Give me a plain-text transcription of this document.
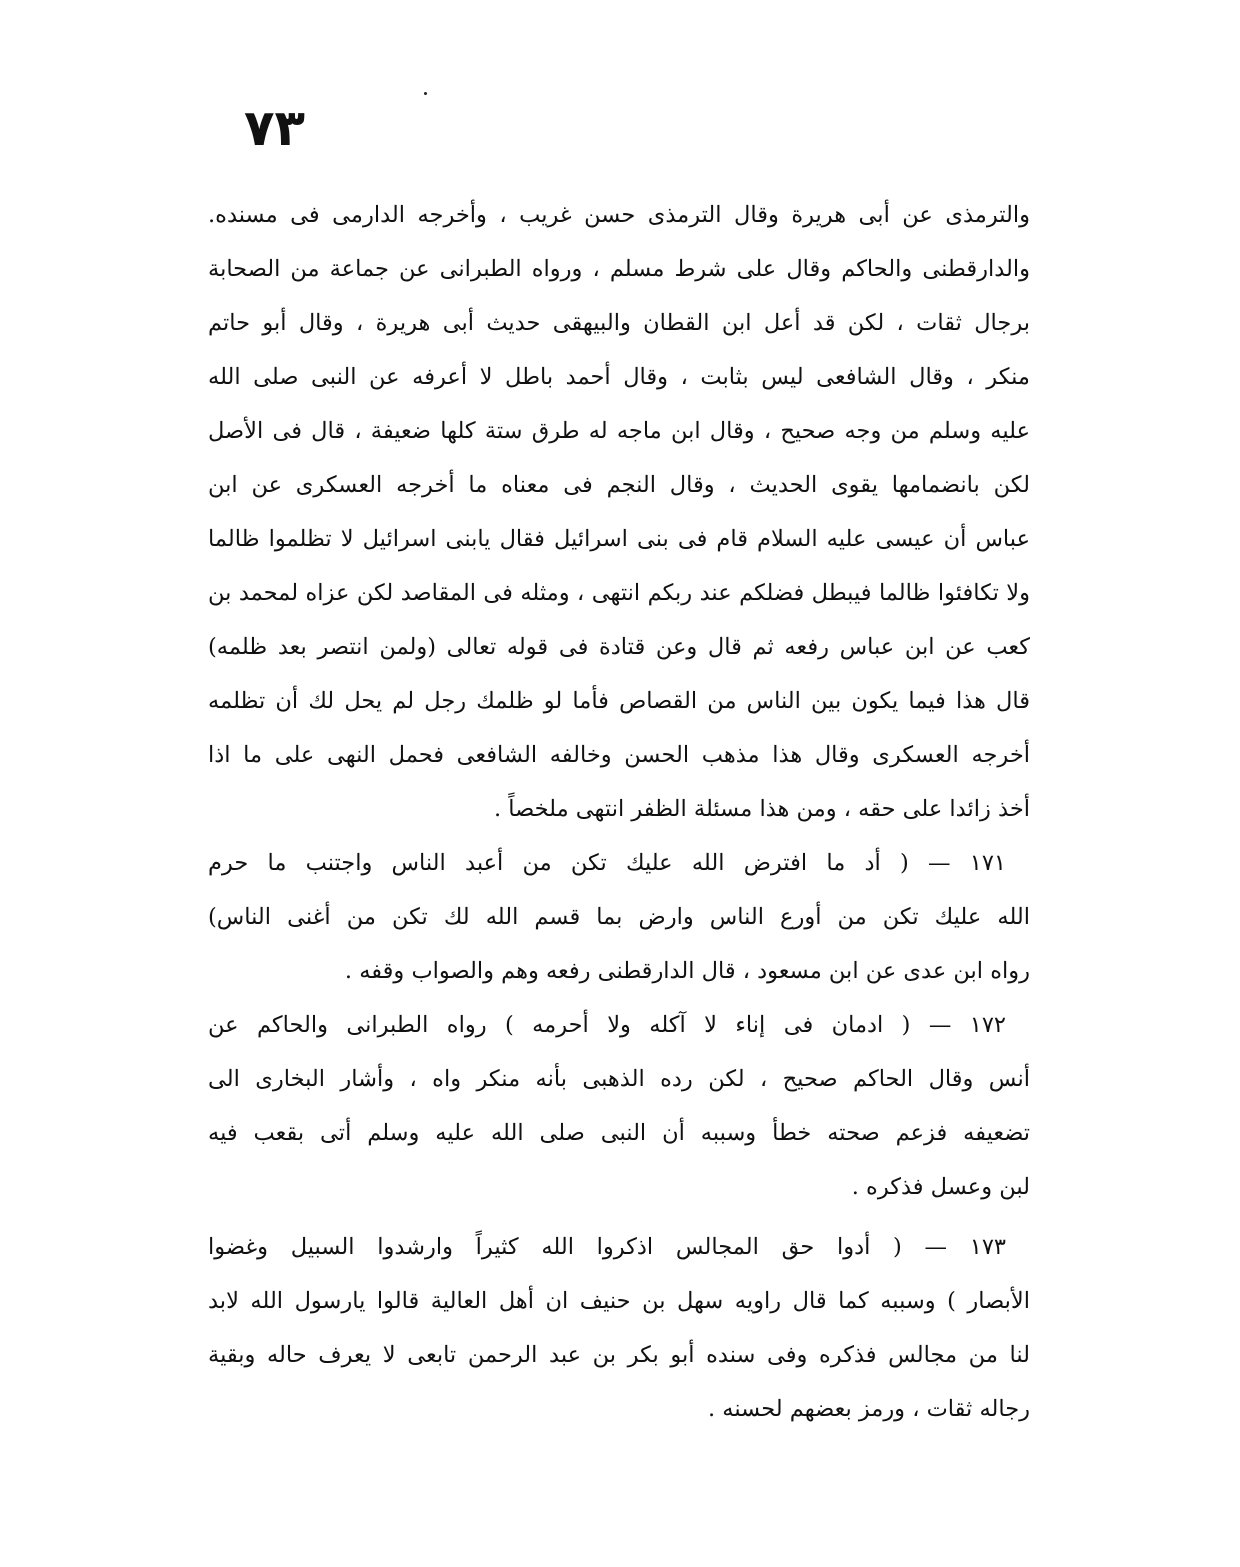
٧٣
والترمذى عن أبى هريرة وقال الترمذى حسن غريب ، وأخرجه الدارمى فى مسنده.
والدارقطنى والحاكم وقال على شرط مسلم ، ورواه الطبرانى عن جماعة من الصحابة
برجال ثقات ، لكن قد أعل ابن القطان والبيهقى حديث أبى هريرة ، وقال أبو حاتم
منكر ، وقال الشافعى ليس بثابت ، وقال أحمد باطل لا أعرفه عن النبى صلى الله
عليه وسلم من وجه صحيح ، وقال ابن ماجه له طرق ستة كلها ضعيفة ، قال فى الأصل
لكن بانضمامها يقوى الحديث ، وقال النجم فى معناه ما أخرجه العسكرى عن ابن
عباس أن عيسى عليه السلام قام فى بنى اسرائيل فقال يابنى اسرائيل لا تظلموا ظالما
ولا تكافئوا ظالما فيبطل فضلكم عند ربكم انتهى ، ومثله فى المقاصد لكن عزاه لمحمد بن
كعب عن ابن عباس رفعه ثم قال وعن قتادة فى قوله تعالى (ولمن انتصر بعد ظلمه)
قال هذا فيما يكون بين الناس من القصاص فأما لو ظلمك رجل لم يحل لك أن تظلمه
أخرجه العسكرى وقال هذا مذهب الحسن وخالفه الشافعى فحمل النهى على ما اذا
أخذ زائدا على حقه ، ومن هذا مسئلة الظفر انتهى ملخصاً .
١٧١ — ( أد ما افترض الله عليك تكن من أعبد الناس واجتنب ما حرم
الله عليك تكن من أورع الناس وارض بما قسم الله لك تكن من أغنى الناس)
رواه ابن عدى عن ابن مسعود ، قال الدارقطنى رفعه وهم والصواب وقفه .
١٧٢ — ( ادمان فى إناء لا آكله ولا أحرمه ) رواه الطبرانى والحاكم عن
أنس وقال الحاكم صحيح ، لكن رده الذهبى بأنه منكر واه ، وأشار البخارى الى
تضعيفه فزعم صحته خطأ وسببه أن النبى صلى الله عليه وسلم أتى بقعب فيه
لبن وعسل فذكره .
١٧٣ — ( أدوا حق المجالس اذكروا الله كثيراً وارشدوا السبيل وغضوا
الأبصار ) وسببه كما قال راويه سهل بن حنيف ان أهل العالية قالوا يارسول الله لابد
لنا من مجالس فذكره وفى سنده أبو بكر بن عبد الرحمن تابعى لا يعرف حاله وبقية
رجاله ثقات ، ورمز بعضهم لحسنه .
